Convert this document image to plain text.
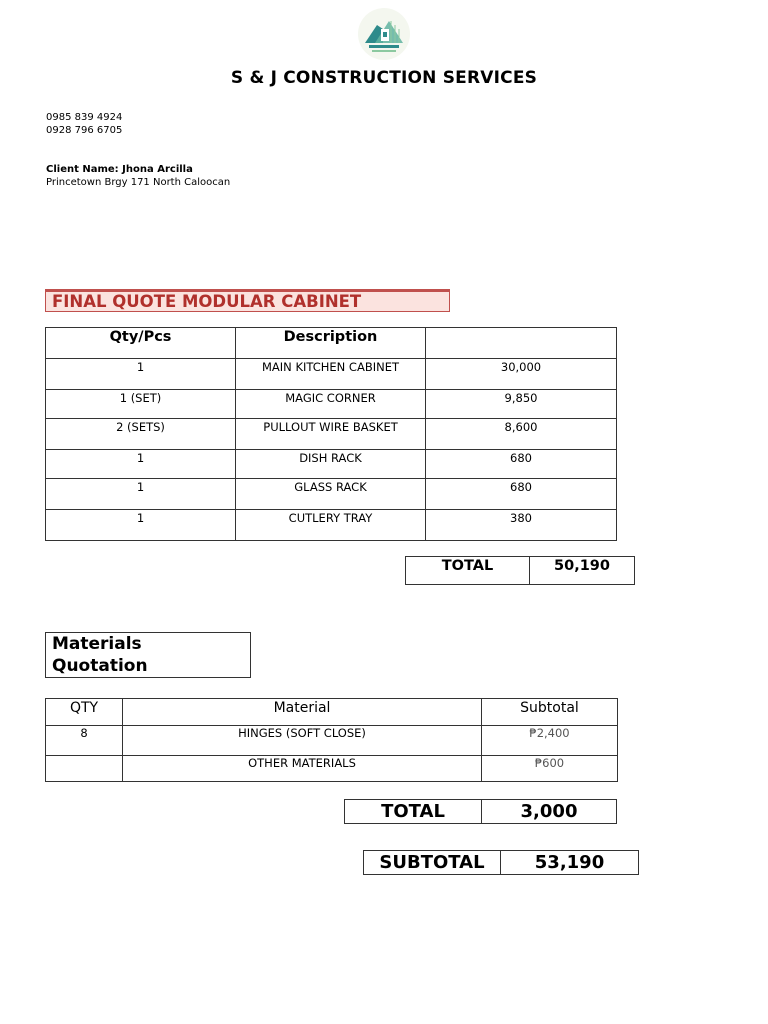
S & J CONSTRUCTION SERVICES
0985 839 4924
0928 796 6705
Client Name: Jhona Arcilla
Princetown Brgy 171 North Caloocan
FINAL QUOTE MODULAR CABINET
Qty/Pcs	Description	
1	MAIN KITCHEN CABINET	30,000
1 (SET)	MAGIC CORNER	9,850
2 (SETS)	PULLOUT WIRE BASKET	8,600
1	DISH RACK	680
1	GLASS RACK	680
1	CUTLERY TRAY	380
TOTAL	50,190
Materials
Quotation
QTY	Material	Subtotal
8	HINGES (SOFT CLOSE)	₱2,400
	OTHER MATERIALS	₱600
TOTAL	3,000
SUBTOTAL	53,190
